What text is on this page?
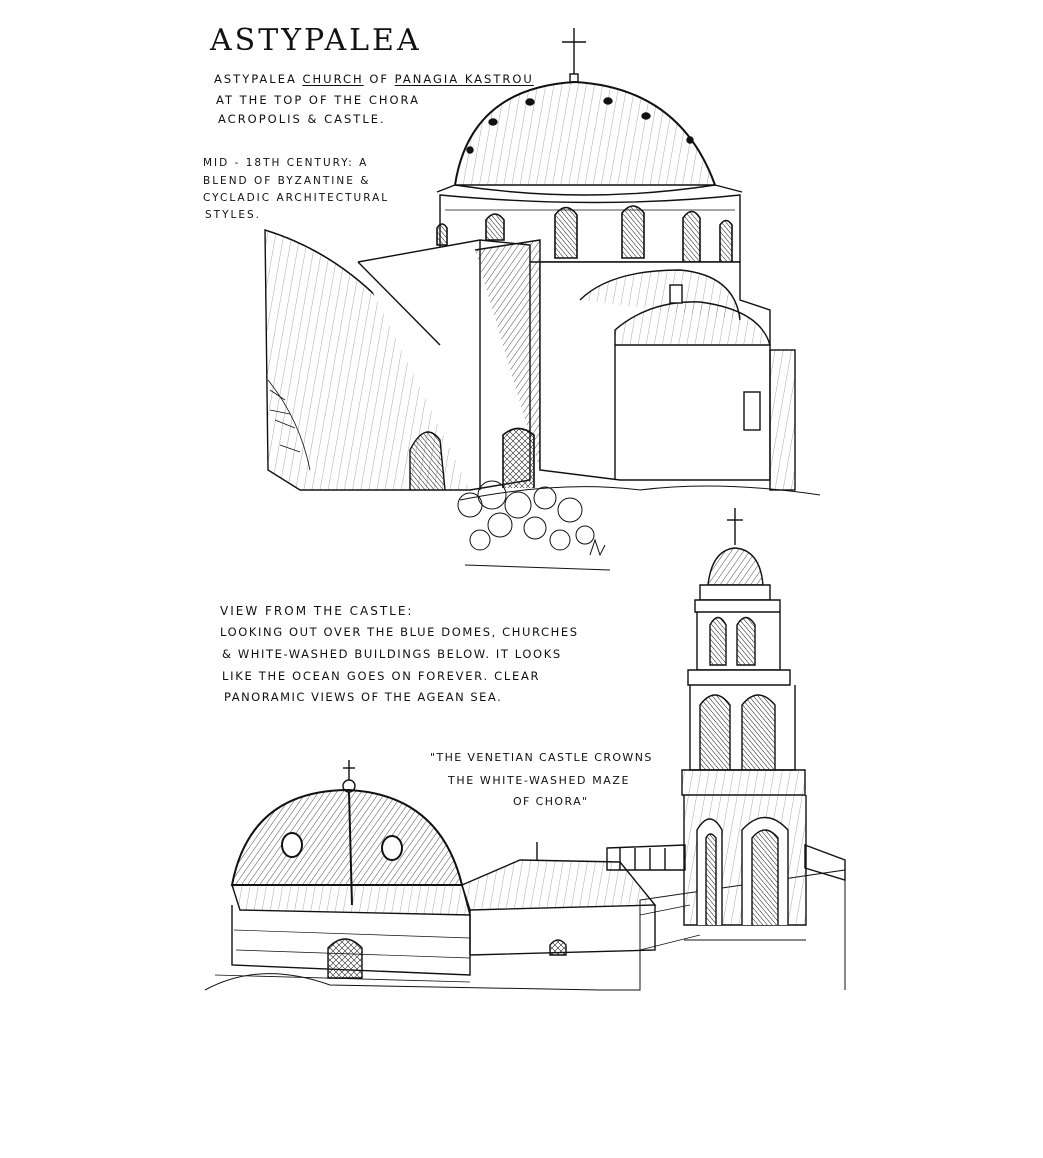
ASTYPALEA
ASTYPALEA CHURCH OF PANAGIA KASTROU
AT THE TOP OF THE CHORA
ACROPOLIS & CASTLE.
MID - 18TH CENTURY: A
BLEND OF BYZANTINE &
CYCLADIC ARCHITECTURAL
STYLES.
VIEW FROM THE CASTLE:
LOOKING OUT OVER THE BLUE DOMES, CHURCHES
& WHITE-WASHED BUILDINGS BELOW. IT LOOKS
LIKE THE OCEAN GOES ON FOREVER. CLEAR
PANORAMIC VIEWS OF THE AGEAN SEA.
"THE VENETIAN CASTLE CROWNS
THE WHITE-WASHED MAZE
OF CHORA"
